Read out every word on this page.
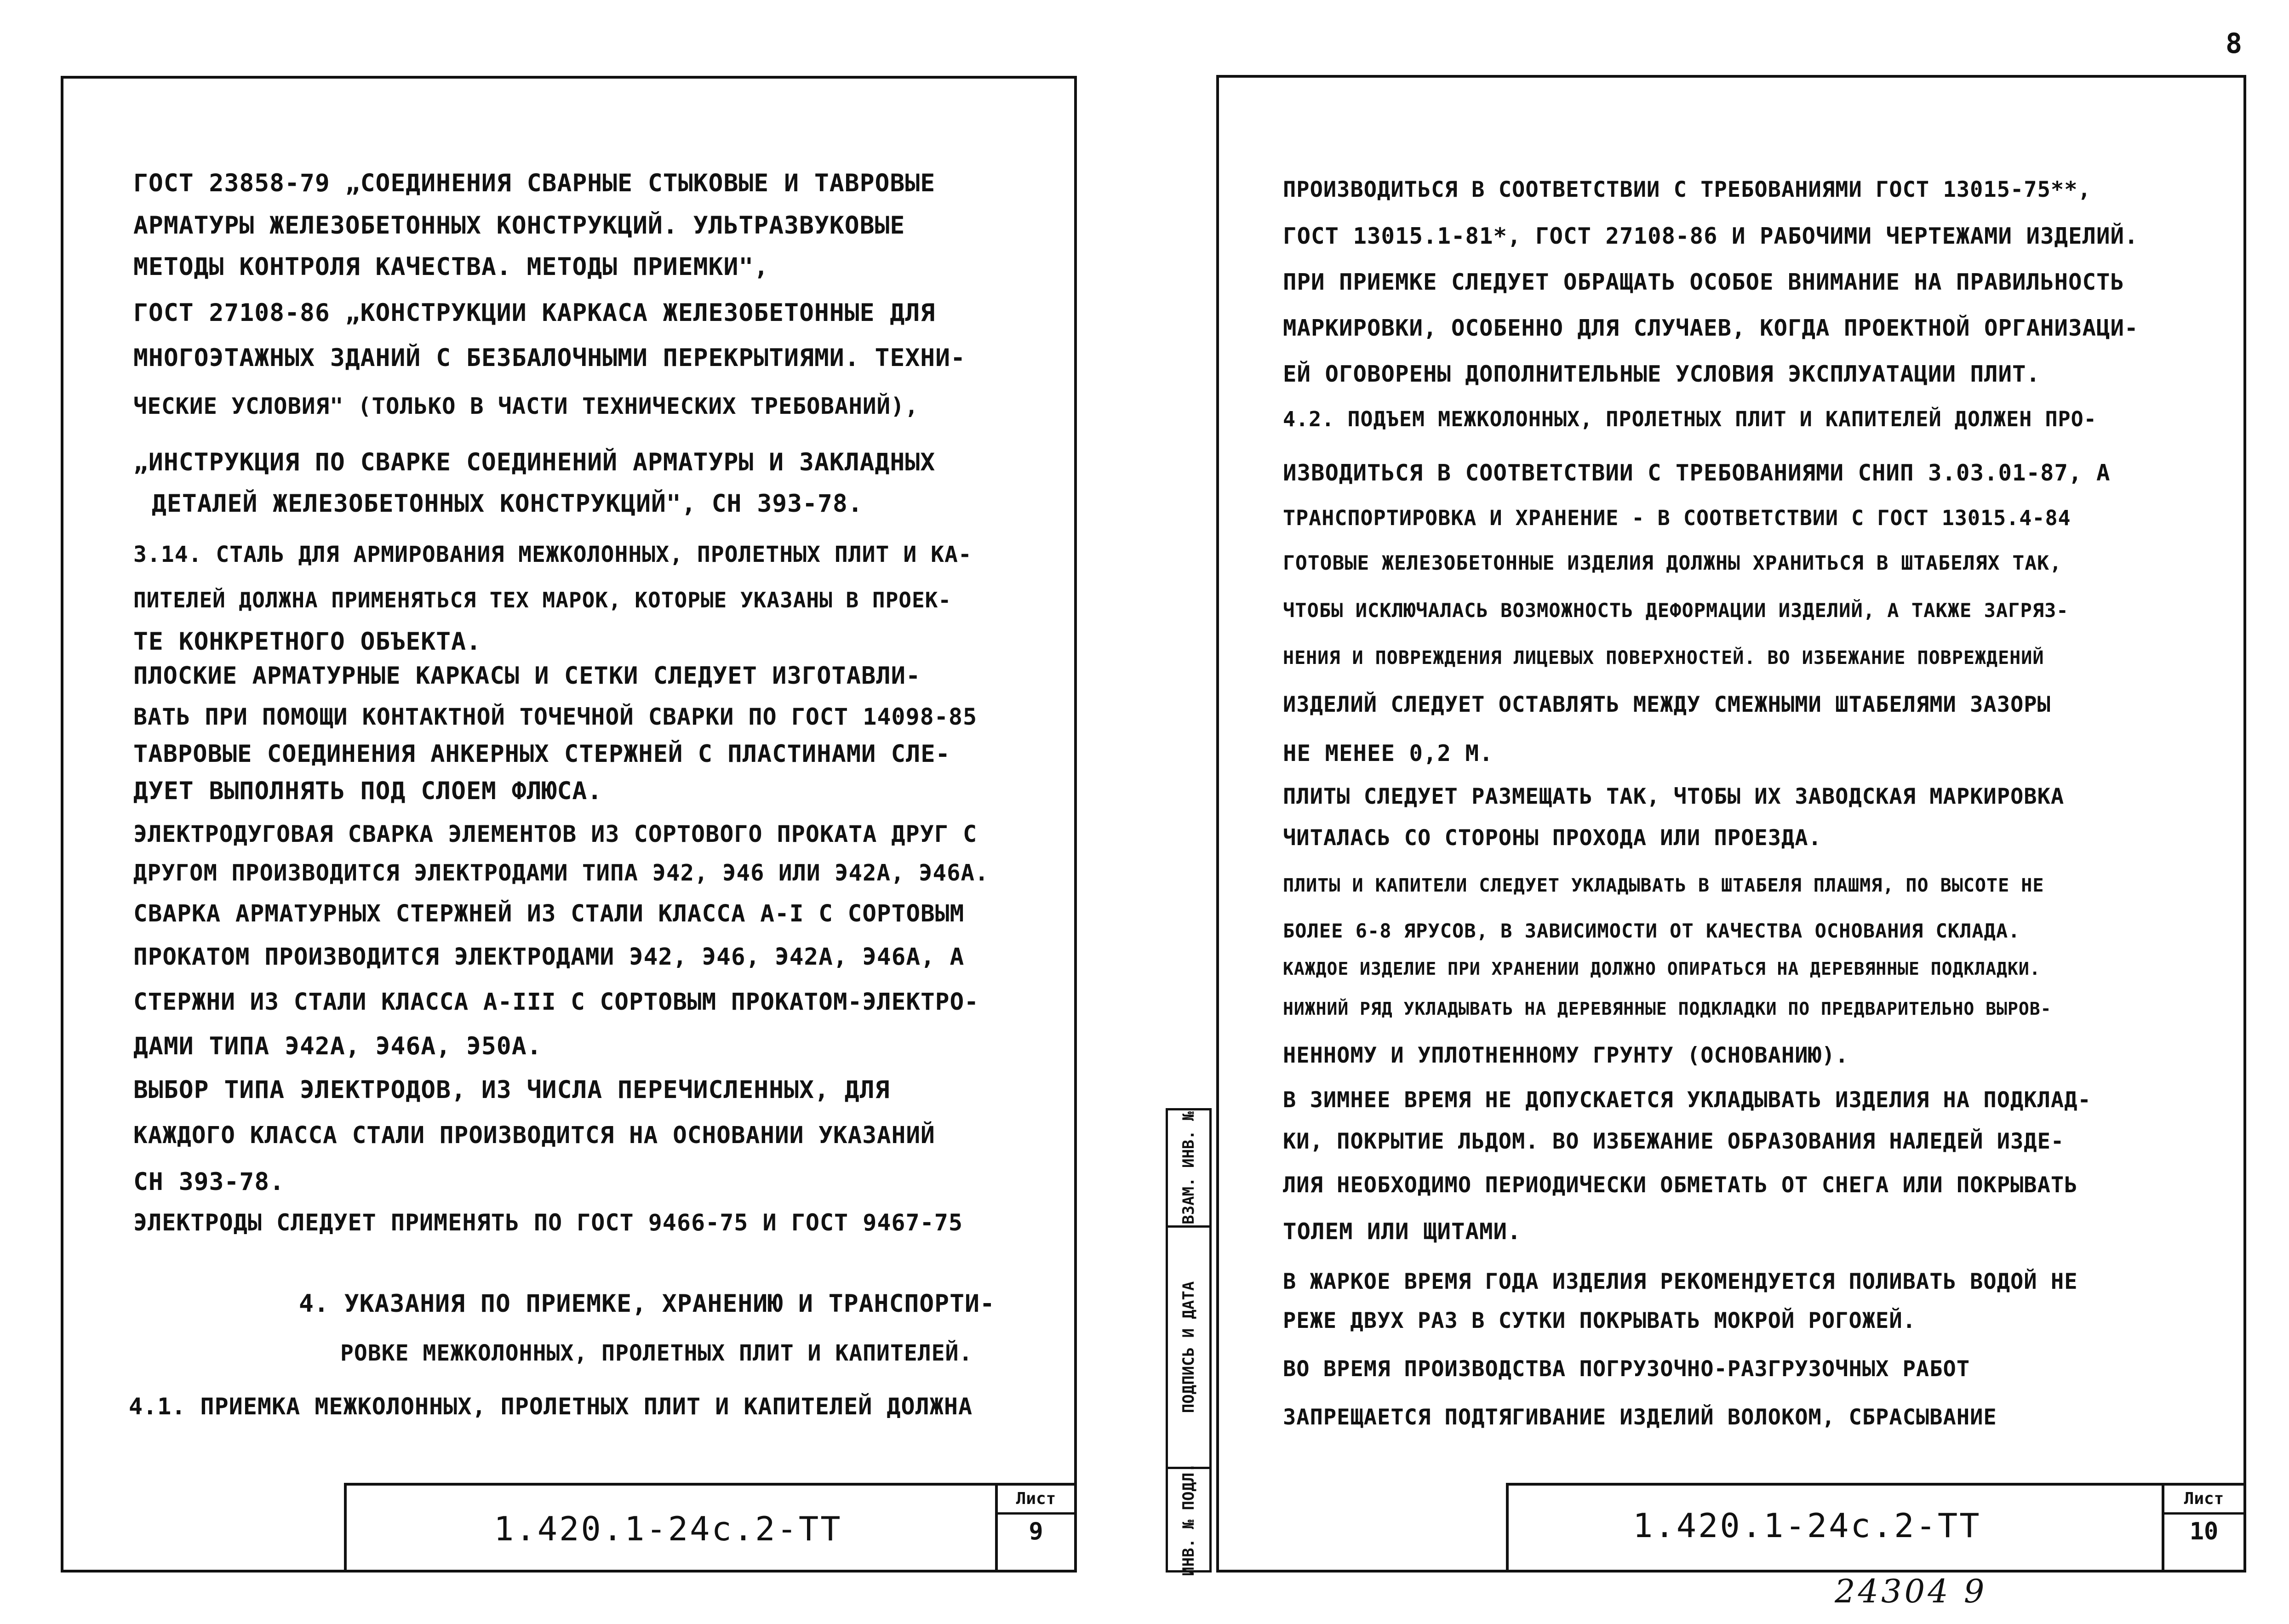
8
ГОСТ 23858-79 „СОЕДИНЕНИЯ СВАРНЫЕ СТЫКОВЫЕ И ТАВРОВЫЕ
АРМАТУРЫ ЖЕЛЕЗОБЕТОННЫХ КОНСТРУКЦИЙ. УЛЬТРАЗВУКОВЫЕ
МЕТОДЫ КОНТРОЛЯ КАЧЕСТВА. МЕТОДЫ ПРИЕМКИ",
ГОСТ 27108-86 „КОНСТРУКЦИИ КАРКАСА ЖЕЛЕЗОБЕТОННЫЕ ДЛЯ
МНОГОЭТАЖНЫХ ЗДАНИЙ С БЕЗБАЛОЧНЫМИ ПЕРЕКРЫТИЯМИ. ТЕХНИ-
ЧЕСКИЕ УСЛОВИЯ" (ТОЛЬКО В ЧАСТИ ТЕХНИЧЕСКИХ ТРЕБОВАНИЙ),
„ИНСТРУКЦИЯ ПО СВАРКЕ СОЕДИНЕНИЙ АРМАТУРЫ И ЗАКЛАДНЫХ
ДЕТАЛЕЙ ЖЕЛЕЗОБЕТОННЫХ КОНСТРУКЦИЙ", СН 393-78.
3.14. СТАЛЬ ДЛЯ АРМИРОВАНИЯ МЕЖКОЛОННЫХ, ПРОЛЕТНЫХ ПЛИТ И КА-
ПИТЕЛЕЙ ДОЛЖНА ПРИМЕНЯТЬСЯ ТЕХ МАРОК, КОТОРЫЕ УКАЗАНЫ В ПРОЕК-
ТЕ КОНКРЕТНОГО ОБЪЕКТА.
ПЛОСКИЕ АРМАТУРНЫЕ КАРКАСЫ И СЕТКИ СЛЕДУЕТ ИЗГОТАВЛИ-
ВАТЬ ПРИ ПОМОЩИ КОНТАКТНОЙ ТОЧЕЧНОЙ СВАРКИ ПО ГОСТ 14098-85
ТАВРОВЫЕ СОЕДИНЕНИЯ АНКЕРНЫХ СТЕРЖНЕЙ С ПЛАСТИНАМИ СЛЕ-
ДУЕТ ВЫПОЛНЯТЬ ПОД СЛОЕМ ФЛЮСА.
ЭЛЕКТРОДУГОВАЯ СВАРКА ЭЛЕМЕНТОВ ИЗ СОРТОВОГО ПРОКАТА ДРУГ С
ДРУГОМ ПРОИЗВОДИТСЯ ЭЛЕКТРОДАМИ ТИПА Э42, Э46 ИЛИ Э42А, Э46А.
СВАРКА АРМАТУРНЫХ СТЕРЖНЕЙ ИЗ СТАЛИ КЛАССА А-I С СОРТОВЫМ
ПРОКАТОМ ПРОИЗВОДИТСЯ ЭЛЕКТРОДАМИ Э42, Э46, Э42А, Э46А, А
СТЕРЖНИ ИЗ СТАЛИ КЛАССА А-III С СОРТОВЫМ ПРОКАТОМ-ЭЛЕКТРО-
ДАМИ ТИПА Э42А, Э46А, Э50А.
ВЫБОР ТИПА ЭЛЕКТРОДОВ, ИЗ ЧИСЛА ПЕРЕЧИСЛЕННЫХ, ДЛЯ
КАЖДОГО КЛАССА СТАЛИ ПРОИЗВОДИТСЯ НА ОСНОВАНИИ УКАЗАНИЙ
СН 393-78.
ЭЛЕКТРОДЫ СЛЕДУЕТ ПРИМЕНЯТЬ ПО ГОСТ 9466-75 И ГОСТ 9467-75
4. УКАЗАНИЯ ПО ПРИЕМКЕ, ХРАНЕНИЮ И ТРАНСПОРТИ-
РОВКЕ МЕЖКОЛОННЫХ, ПРОЛЕТНЫХ ПЛИТ И КАПИТЕЛЕЙ.
4.1. ПРИЕМКА МЕЖКОЛОННЫХ, ПРОЛЕТНЫХ ПЛИТ И КАПИТЕЛЕЙ ДОЛЖНА
1.420.1-24с.2-ТТ
Лист
9	ИНВ. № ПОДЛ.
ПОДПИСЬ И ДАТА
ВЗАМ. ИНВ. №
ПРОИЗВОДИТЬСЯ В СООТВЕТСТВИИ С ТРЕБОВАНИЯМИ ГОСТ 13015-75**,
ГОСТ 13015.1-81*, ГОСТ 27108-86 И РАБОЧИМИ ЧЕРТЕЖАМИ ИЗДЕЛИЙ.
ПРИ ПРИЕМКЕ СЛЕДУЕТ ОБРАЩАТЬ ОСОБОЕ ВНИМАНИЕ НА ПРАВИЛЬНОСТЬ
МАРКИРОВКИ, ОСОБЕННО ДЛЯ СЛУЧАЕВ, КОГДА ПРОЕКТНОЙ ОРГАНИЗАЦИ-
ЕЙ ОГОВОРЕНЫ ДОПОЛНИТЕЛЬНЫЕ УСЛОВИЯ ЭКСПЛУАТАЦИИ ПЛИТ.
4.2. ПОДЪЕМ МЕЖКОЛОННЫХ, ПРОЛЕТНЫХ ПЛИТ И КАПИТЕЛЕЙ ДОЛЖЕН ПРО-
ИЗВОДИТЬСЯ В СООТВЕТСТВИИ С ТРЕБОВАНИЯМИ СНИП 3.03.01-87, А
ТРАНСПОРТИРОВКА И ХРАНЕНИЕ - В СООТВЕТСТВИИ С ГОСТ 13015.4-84
ГОТОВЫЕ ЖЕЛЕЗОБЕТОННЫЕ ИЗДЕЛИЯ ДОЛЖНЫ ХРАНИТЬСЯ В ШТАБЕЛЯХ ТАК,
ЧТОБЫ ИСКЛЮЧАЛАСЬ ВОЗМОЖНОСТЬ ДЕФОРМАЦИИ ИЗДЕЛИЙ, А ТАКЖЕ ЗАГРЯЗ-
НЕНИЯ И ПОВРЕЖДЕНИЯ ЛИЦЕВЫХ ПОВЕРХНОСТЕЙ. ВО ИЗБЕЖАНИЕ ПОВРЕЖДЕНИЙ
ИЗДЕЛИЙ СЛЕДУЕТ ОСТАВЛЯТЬ МЕЖДУ СМЕЖНЫМИ ШТАБЕЛЯМИ ЗАЗОРЫ
НЕ МЕНЕЕ 0,2 М.
ПЛИТЫ СЛЕДУЕТ РАЗМЕЩАТЬ ТАК, ЧТОБЫ ИХ ЗАВОДСКАЯ МАРКИРОВКА
ЧИТАЛАСЬ СО СТОРОНЫ ПРОХОДА ИЛИ ПРОЕЗДА.
ПЛИТЫ И КАПИТЕЛИ СЛЕДУЕТ УКЛАДЫВАТЬ В ШТАБЕЛЯ ПЛАШМЯ, ПО ВЫСОТЕ НЕ
БОЛЕЕ 6-8 ЯРУСОВ, В ЗАВИСИМОСТИ ОТ КАЧЕСТВА ОСНОВАНИЯ СКЛАДА.
КАЖДОЕ ИЗДЕЛИЕ ПРИ ХРАНЕНИИ ДОЛЖНО ОПИРАТЬСЯ НА ДЕРЕВЯННЫЕ ПОДКЛАДКИ.
НИЖНИЙ РЯД УКЛАДЫВАТЬ НА ДЕРЕВЯННЫЕ ПОДКЛАДКИ ПО ПРЕДВАРИТЕЛЬНО ВЫРОВ-
НЕННОМУ И УПЛОТНЕННОМУ ГРУНТУ (ОСНОВАНИЮ).
В ЗИМНЕЕ ВРЕМЯ НЕ ДОПУСКАЕТСЯ УКЛАДЫВАТЬ ИЗДЕЛИЯ НА ПОДКЛАД-
КИ, ПОКРЫТИЕ ЛЬДОМ. ВО ИЗБЕЖАНИЕ ОБРАЗОВАНИЯ НАЛЕДЕЙ ИЗДЕ-
ЛИЯ НЕОБХОДИМО ПЕРИОДИЧЕСКИ ОБМЕТАТЬ ОТ СНЕГА ИЛИ ПОКРЫВАТЬ
ТОЛЕМ ИЛИ ЩИТАМИ.
В ЖАРКОЕ ВРЕМЯ ГОДА ИЗДЕЛИЯ РЕКОМЕНДУЕТСЯ ПОЛИВАТЬ ВОДОЙ НЕ
РЕЖЕ ДВУХ РАЗ В СУТКИ ПОКРЫВАТЬ МОКРОЙ РОГОЖЕЙ.
ВО ВРЕМЯ ПРОИЗВОДСТВА ПОГРУЗОЧНО-РАЗГРУЗОЧНЫХ РАБОТ
ЗАПРЕЩАЕТСЯ ПОДТЯГИВАНИЕ ИЗДЕЛИЙ ВОЛОКОМ, СБРАСЫВАНИЕ
1.420.1-24с.2-ТТ
Лист
10
24304 9
